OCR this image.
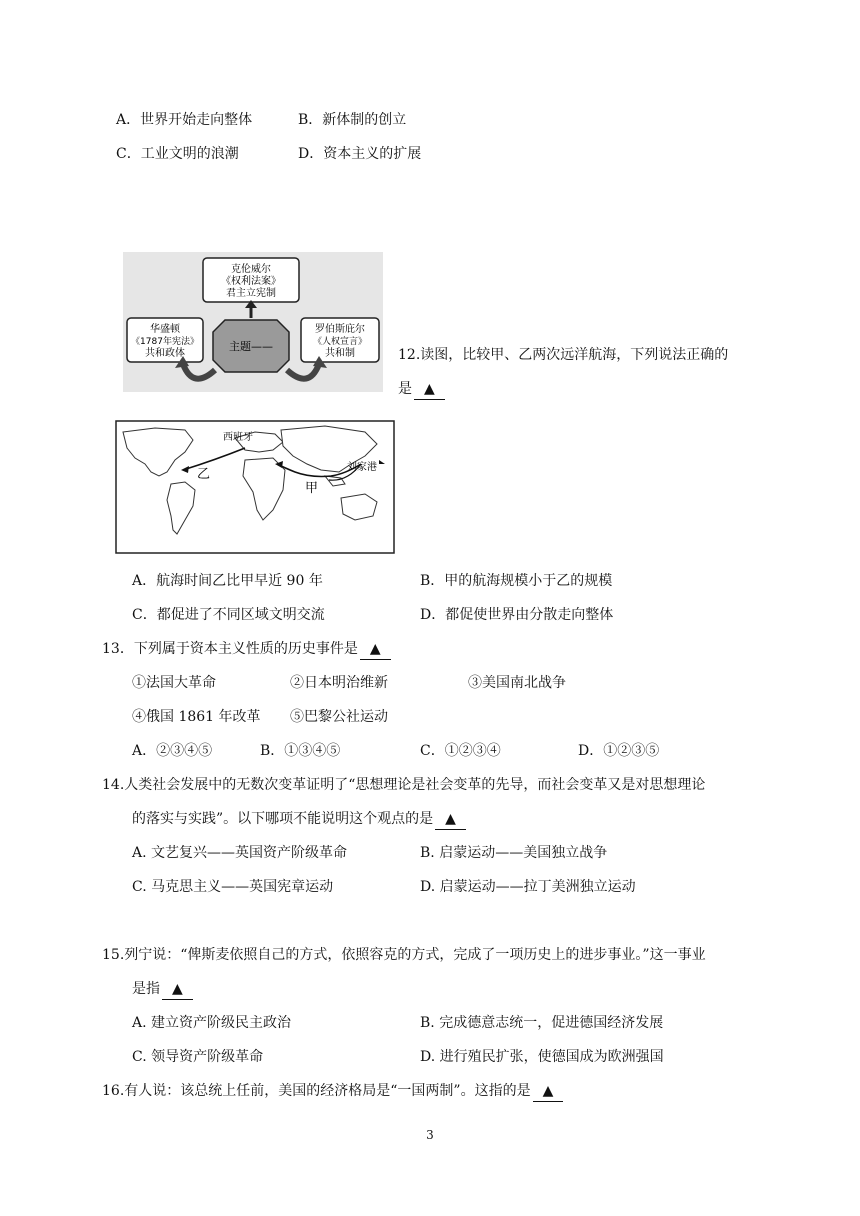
A．世界开始走向整体	B．新体制的创立
C．工业文明的浪潮	D．资本主义的扩展
克伦威尔
《权利法案》
君主立宪制
华盛顿
《1787年宪法》
共和政体
罗伯斯庇尔
《人权宣言》
共和制
主题——
12.读图，比较甲、乙两次远洋航海，下列说法正确的
是 ▲
西班牙
刘家港
乙
甲
A．航海时间乙比甲早近 90 年	B．甲的航海规模小于乙的规模
C．都促进了不同区域文明交流	D．都促使世界由分散走向整体
13．下列属于资本主义性质的历史事件是 ▲
①法国大革命	②日本明治维新	③美国南北战争
④俄国 1861 年改革 ⑤巴黎公社运动
A．②③④⑤	B．①③④⑤	C．①②③④	D．①②③⑤
14.人类社会发展中的无数次变革证明了“思想理论是社会变革的先导，而社会变革又是对思想理论
的落实与实践”。以下哪项不能说明这个观点的是 ▲
A. 文艺复兴——英国资产阶级革命	B. 启蒙运动——美国独立战争
C. 马克思主义——英国宪章运动	D. 启蒙运动——拉丁美洲独立运动
15.列宁说：“俾斯麦依照自己的方式，依照容克的方式，完成了一项历史上的进步事业。”这一事业
是指 ▲
A. 建立资产阶级民主政治	B. 完成德意志统一，促进德国经济发展
C. 领导资产阶级革命	D. 进行殖民扩张，使德国成为欧洲强国
16.有人说：该总统上任前，美国的经济格局是“一国两制”。这指的是 ▲
3
